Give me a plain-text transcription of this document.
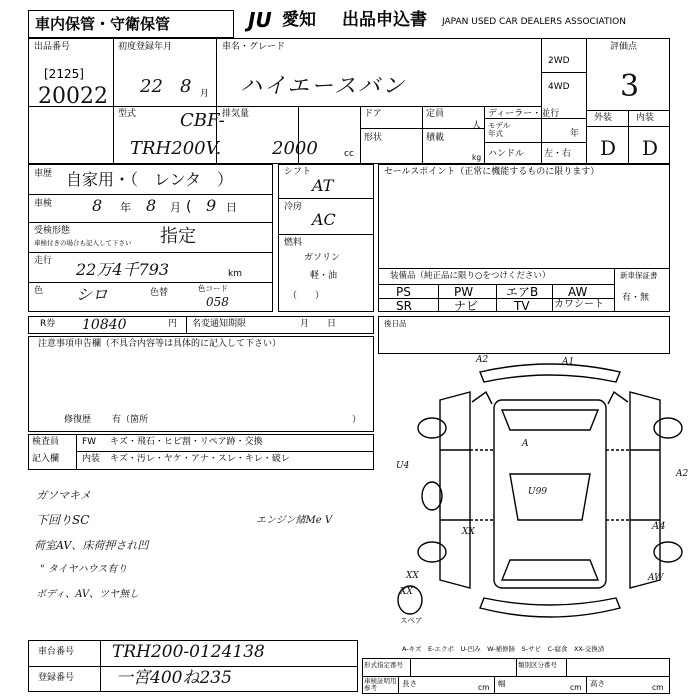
車内保管・守衛保管	JU 愛知 出品申込書 JAPAN USED CAR DEALERS ASSOCIATION
出品番号
[2125]
20022
初度登録年月
22 8 月
車名・グレード
ハイエースバン
2WD
4WD
評価点
3
外装	内装
D D
型式 CBF-
TRH200V.
排気量
2000	cc
ドア
形状
定員
人
積載
kg
ディーラー・並行
モデル
年式	年
ハンドル 左・右
車歴 自家用・（　レンタ　）
車検 8 年 8 月 ( 9 日
受検形態
車検付きの場合も記入して下さい 指定
走行 22万4千793	km
色 シロ	色替	色コード
058
シフト
AT
冷房
AC
燃料
ガソリン
軽・油
（　　）
セールスポイント（正常に機能するものに限ります）
装備品（純正品に限り○をつけください）
PS	PW	エアB AW
SR	ナビ	TV カワシート
新車保証書
有・無
R券 10840	円 名変通知期限	月　　日	後日品
注意事項申告欄（不具合内容等は具体的に記入して下さい）
修復歴 有（箇所	）
検査員
記入欄
FW キズ・飛石・ヒビ割・リペア跡・交換
内装 キズ・汚レ・ヤケ・アナ・スレ・キレ・破レ
ガソマキメ
下回りSC
荷室AV、床荷押され凹
" タイヤハウス有り
ボディ、AV、ツヤ無し
エンジン緒Me V
A2	A1
A
U4
A2
U99
XX	A4
XX	AW
XX
スペア
車台番号 TRH200-0124138
登録番号 一宮400ね235
A-キズ　E-エクボ　U-凹み　W-補修跡　S-サビ　C-腐食　XX-交換済
形式指定番号	類別区分番号
車検証明用
参考	長さ	cm 幅	cm 高さ	cm
